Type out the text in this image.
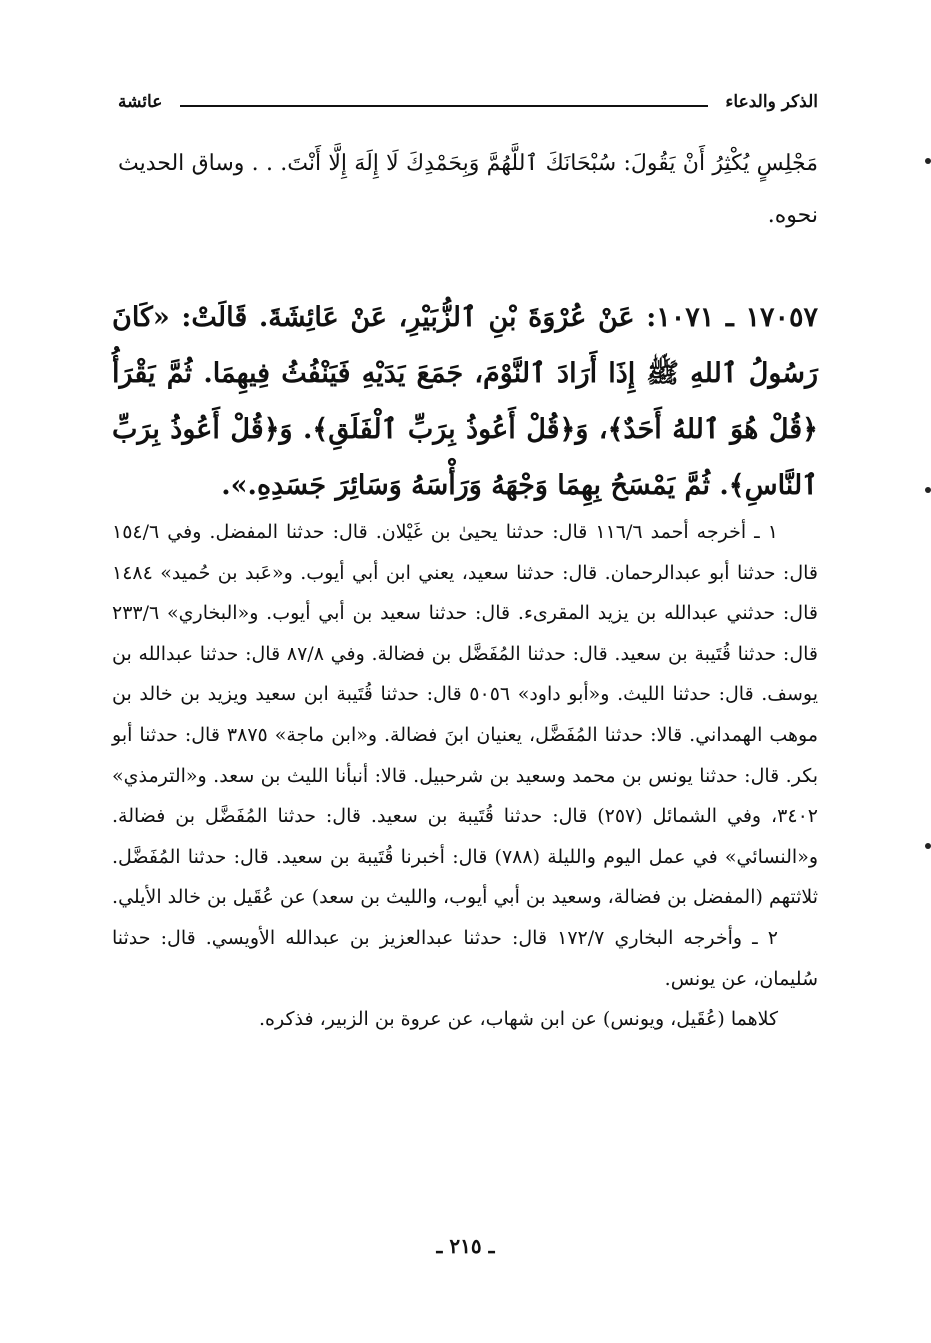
الذكر والدعاء
عائشة
مَجْلِسٍ يُكْثِرُ أَنْ يَقُولَ: سُبْحَانَكَ ٱللَّهُمَّ وَبِحَمْدِكَ لَا إِلَهَ إِلَّا أَنْتَ. . . وساق الحديث نحوه.
١٧٠٥٧ ـ ١٠٧١: عَنْ عُرْوَةَ بْنِ ٱلزُّبَيْرِ، عَنْ عَائِشَةَ. قَالَتْ: «كَانَ رَسُولُ ٱللهِ ﷺ إِذَا أَرَادَ ٱلنَّوْمَ، جَمَعَ يَدَيْهِ فَيَنْفُثُ فِيهِمَا. ثُمَّ يَقْرَأُ ﴿قُلْ هُوَ ٱللهُ أَحَدٌ﴾، وَ﴿قُلْ أَعُوذُ بِرَبِّ ٱلْفَلَقِ﴾. وَ﴿قُلْ أَعُوذُ بِرَبِّ ٱلنَّاسِ﴾. ثُمَّ يَمْسَحُ بِهِمَا وَجْهَهُ وَرَأْسَهُ وَسَائِرَ جَسَدِهِ.».

١ ـ أخرجه أحمد ١١٦/٦ قال: حدثنا يحيىٰ بن غَيْلان. قال: حدثنا المفضل. وفي ١٥٤/٦ قال: حدثنا أبو عبدالرحمان. قال: حدثنا سعيد، يعني ابن أبي أيوب. و«عَبد بن حُميد» ١٤٨٤ قال: حدثني عبدالله بن يزيد المقرىء. قال: حدثنا سعيد بن أبي أيوب. و«البخاري» ٢٣٣/٦ قال: حدثنا قُتَيبة بن سعيد. قال: حدثنا المُفَضَّل بن فضالة. وفي ٨٧/٨ قال: حدثنا عبدالله بن يوسف. قال: حدثنا الليث. و«أبو داود» ٥٠٥٦ قال: حدثنا قُتَيبة ابن سعيد ويزيد بن خالد بن موهب الهمداني. قالا: حدثنا المُفَضَّل، يعنيان ابنَ فضالة. و«ابن ماجة» ٣٨٧٥ قال: حدثنا أبو بكر. قال: حدثنا يونس بن محمد وسعيد بن شرحبيل. قالا: أنبأنا الليث بن سعد. و«الترمذي» ٣٤٠٢، وفي الشمائل (٢٥٧) قال: حدثنا قُتَيبة بن سعيد. قال: حدثنا المُفَضَّل بن فضالة. و«النسائي» في عمل اليوم والليلة (٧٨٨) قال: أخبرنا قُتَيبة بن سعيد. قال: حدثنا المُفَضَّل. ثلاثتهم (المفضل بن فضالة، وسعيد بن أبي أيوب، والليث بن سعد) عن عُقَيل بن خالد الأيلي.

٢ ـ وأخرجه البخاري ١٧٢/٧ قال: حدثنا عبدالعزيز بن عبدالله الأويسي. قال: حدثنا سُليمان، عن يونس.

كلاهما (عُقَيل، ويونس) عن ابن شهاب، عن عروة بن الزبير، فذكره.

ـ ٢١٥ ـ
